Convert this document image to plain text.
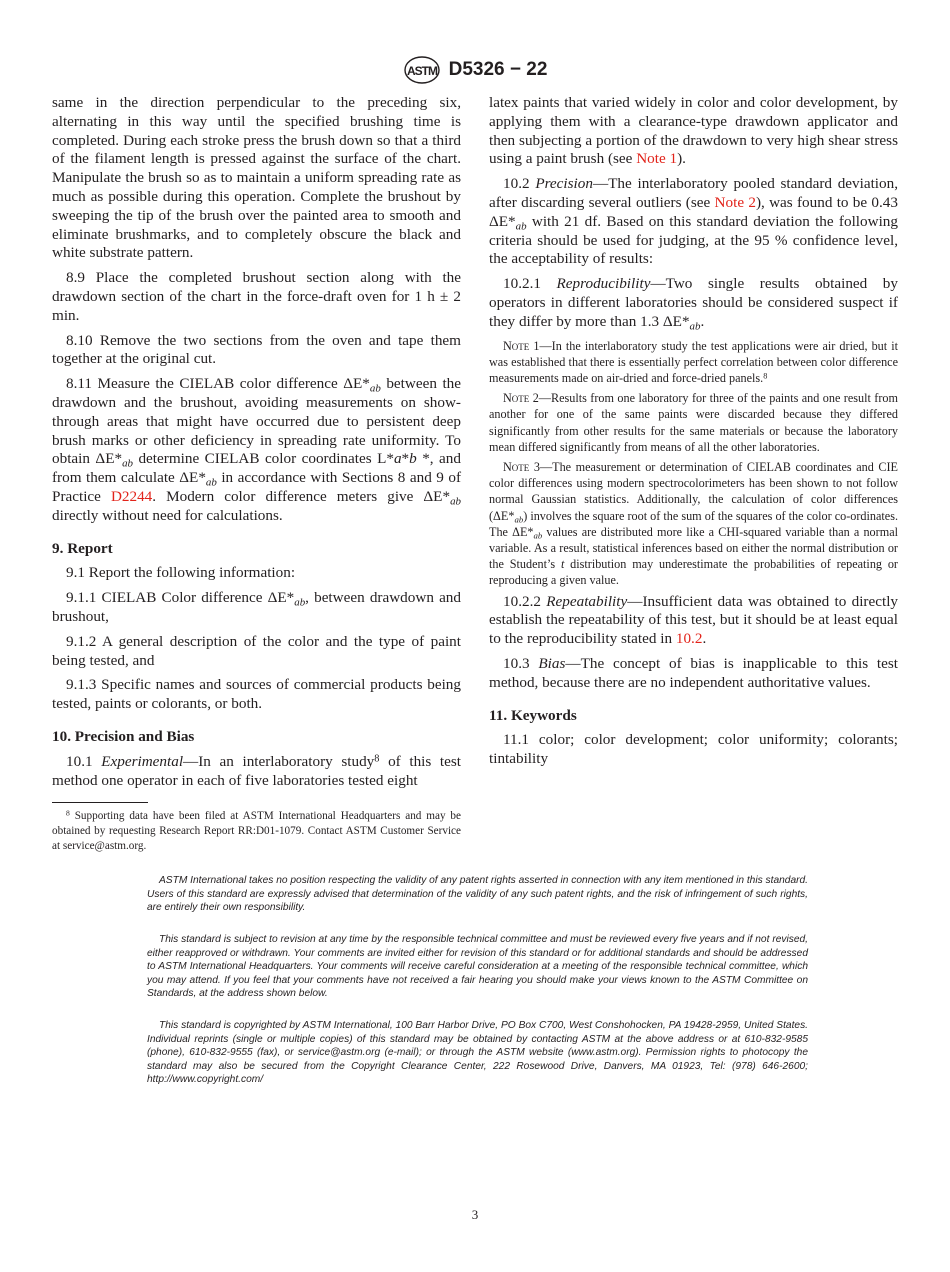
ASTM D5326 − 22
same in the direction perpendicular to the preceding six, alternating in this way until the specified brushing time is completed. During each stroke press the brush down so that a third of the filament length is pressed against the surface of the chart. Manipulate the brush so as to maintain a uniform spreading rate as much as possible during this operation. Complete the brushout by sweeping the tip of the brush over the painted area to smooth and eliminate brushmarks, and to completely obscure the black and white substrate pattern.
8.9 Place the completed brushout section along with the drawdown section of the chart in the force-draft oven for 1 h ± 2 min.
8.10 Remove the two sections from the oven and tape them together at the original cut.
8.11 Measure the CIELAB color difference $\Delta E*_{ab}$ between the drawdown and the brushout, avoiding measurements on show-through areas that might have occurred due to persistent deep brush marks or other deficiency in spreading rate uniformity. To obtain $\Delta E*_{ab}$ determine CIELAB color coordinates L*a*b *, and from them calculate $\Delta E*_{ab}$ in accordance with Sections 8 and 9 of Practice D2244. Modern color difference meters give $\Delta E*_{ab}$ directly without need for calculations.
9. Report
9.1 Report the following information:
9.1.1 CIELAB Color difference $\Delta E*_{ab}$, between drawdown and brushout,
9.1.2 A general description of the color and the type of paint being tested, and
9.1.3 Specific names and sources of commercial products being tested, paints or colorants, or both.
10. Precision and Bias
10.1 Experimental—In an interlaboratory study$^8$ of this test method one operator in each of five laboratories tested eight
$^8$ Supporting data have been filed at ASTM International Headquarters and may be obtained by requesting Research Report RR:D01-1079. Contact ASTM Customer Service at service@astm.org.
latex paints that varied widely in color and color development, by applying them with a clearance-type drawdown applicator and then subjecting a portion of the drawdown to very high shear stress using a paint brush (see Note 1).
10.2 Precision—The interlaboratory pooled standard deviation, after discarding several outliers (see Note 2), was found to be 0.43 $\Delta E*_{ab}$ with 21 df. Based on this standard deviation the following criteria should be used for judging, at the 95 % confidence level, the acceptability of results:
10.2.1 Reproducibility—Two single results obtained by operators in different laboratories should be considered suspect if they differ by more than 1.3 $\Delta E*_{ab}$.
Note 1—In the interlaboratory study the test applications were air dried, but it was established that there is essentially perfect correlation between color difference measurements made on air-dried and force-dried panels.$^8$
Note 2—Results from one laboratory for three of the paints and one result from another for one of the same paints were discarded because they differed significantly from other results for the same materials or because the laboratory mean differed significantly from means of all the other laboratories.
Note 3—The measurement or determination of CIELAB coordinates and CIE color differences using modern spectrocolorimeters has been shown to not follow normal Gaussian statistics. Additionally, the calculation of color differences $(\Delta E*_{ab})$ involves the square root of the sum of the squares of the color co-ordinates. The $\Delta E*_{ab}$ values are distributed more like a CHI-squared variable than a normal variable. As a result, statistical inferences based on either the normal distribution or the Student’s t distribution may underestimate the probabilities of repeating or reproducing a given value.
10.2.2 Repeatability—Insufficient data was obtained to directly establish the repeatability of this test, but it should be at least equal to the reproducibility stated in 10.2.
10.3 Bias—The concept of bias is inapplicable to this test method, because there are no independent authoritative values.
11. Keywords
11.1 color; color development; color uniformity; colorants; tintability

ASTM International takes no position respecting the validity of any patent rights asserted in connection with any item mentioned in this standard. Users of this standard are expressly advised that determination of the validity of any such patent rights, and the risk of infringement of such rights, are entirely their own responsibility.

This standard is subject to revision at any time by the responsible technical committee and must be reviewed every five years and if not revised, either reapproved or withdrawn. Your comments are invited either for revision of this standard or for additional standards and should be addressed to ASTM International Headquarters. Your comments will receive careful consideration at a meeting of the responsible technical committee, which you may attend. If you feel that your comments have not received a fair hearing you should make your views known to the ASTM Committee on Standards, at the address shown below.

This standard is copyrighted by ASTM International, 100 Barr Harbor Drive, PO Box C700, West Conshohocken, PA 19428-2959, United States. Individual reprints (single or multiple copies) of this standard may be obtained by contacting ASTM at the above address or at 610-832-9585 (phone), 610-832-9555 (fax), or service@astm.org (e-mail); or through the ASTM website (www.astm.org). Permission rights to photocopy the standard may also be secured from the Copyright Clearance Center, 222 Rosewood Drive, Danvers, MA 01923, Tel: (978) 646-2600; http://www.copyright.com/

3
